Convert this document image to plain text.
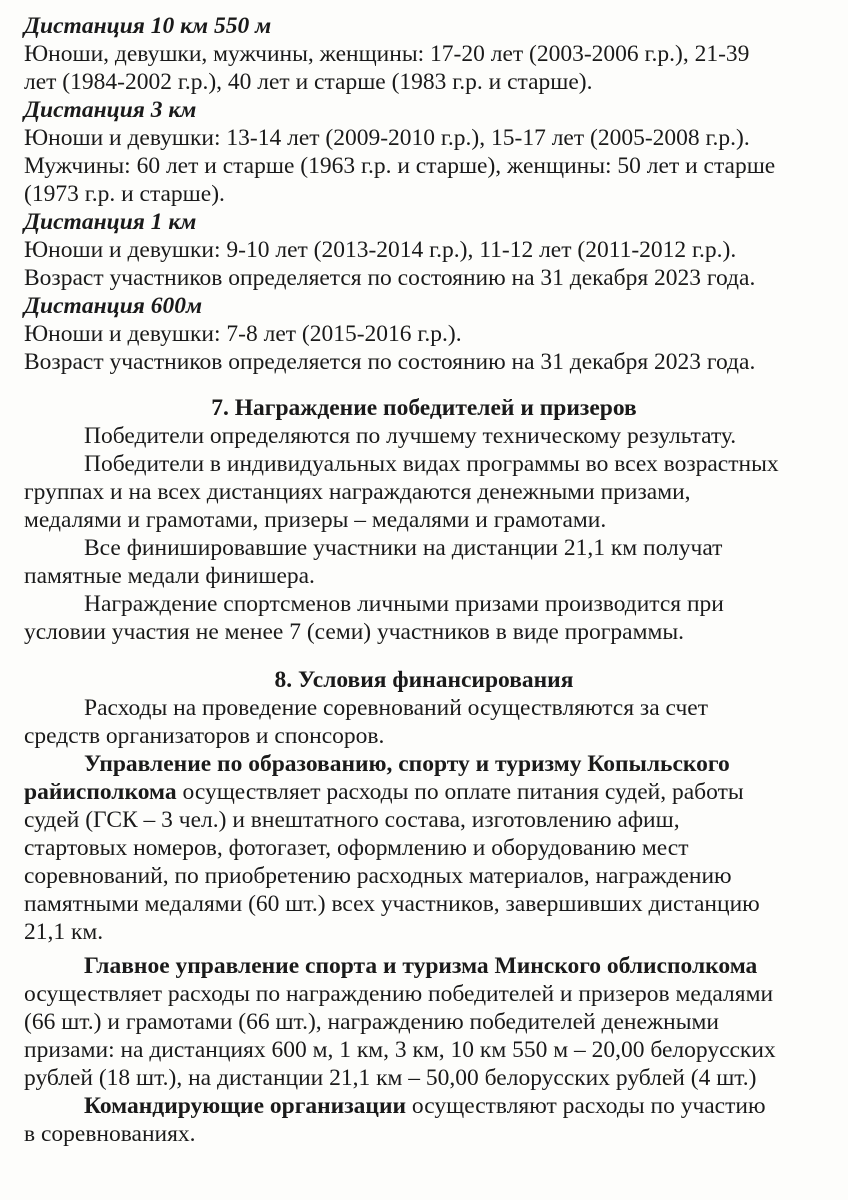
Дистанция 10 км 550 м
Юноши, девушки, мужчины, женщины: 17-20 лет (2003-2006 г.р.), 21-39
лет (1984-2002 г.р.), 40 лет и старше (1983 г.р. и старше).
Дистанция 3 км
Юноши и девушки: 13-14 лет (2009-2010 г.р.), 15-17 лет (2005-2008 г.р.).
Мужчины: 60 лет и старше (1963 г.р. и старше), женщины: 50 лет и старше
(1973 г.р. и старше).
Дистанция 1 км
Юноши и девушки: 9-10 лет (2013-2014 г.р.), 11-12 лет (2011-2012 г.р.).
Возраст участников определяется по состоянию на 31 декабря 2023 года.
Дистанция 600м
Юноши и девушки: 7-8 лет (2015-2016 г.р.).
Возраст участников определяется по состоянию на 31 декабря 2023 года.
7. Награждение победителей и призеров
Победители определяются по лучшему техническому результату.
Победители в индивидуальных видах программы во всех возрастных
группах и на всех дистанциях награждаются денежными призами,
медалями и грамотами, призеры – медалями и грамотами.
Все финишировавшие участники на дистанции 21,1 км получат
памятные медали финишера.
Награждение спортсменов личными призами производится при
условии участия не менее 7 (семи) участников в виде программы.
8. Условия финансирования
Расходы на проведение соревнований осуществляются за счет
средств организаторов и спонсоров.
Управление по образованию, спорту и туризму Копыльского
райисполкома осуществляет расходы по оплате питания судей, работы
судей (ГСК – 3 чел.) и внештатного состава, изготовлению афиш,
стартовых номеров, фотогазет, оформлению и оборудованию мест
соревнований, по приобретению расходных материалов, награждению
памятными медалями (60 шт.) всех участников, завершивших дистанцию
21,1 км.
Главное управление спорта и туризма Минского облисполкома
осуществляет расходы по награждению победителей и призеров медалями
(66 шт.) и грамотами (66 шт.), награждению победителей денежными
призами: на дистанциях 600 м, 1 км, 3 км, 10 км 550 м – 20,00 белорусских
рублей (18 шт.), на дистанции 21,1 км – 50,00 белорусских рублей (4 шт.)
Командирующие организации осуществляют расходы по участию
в соревнованиях.
